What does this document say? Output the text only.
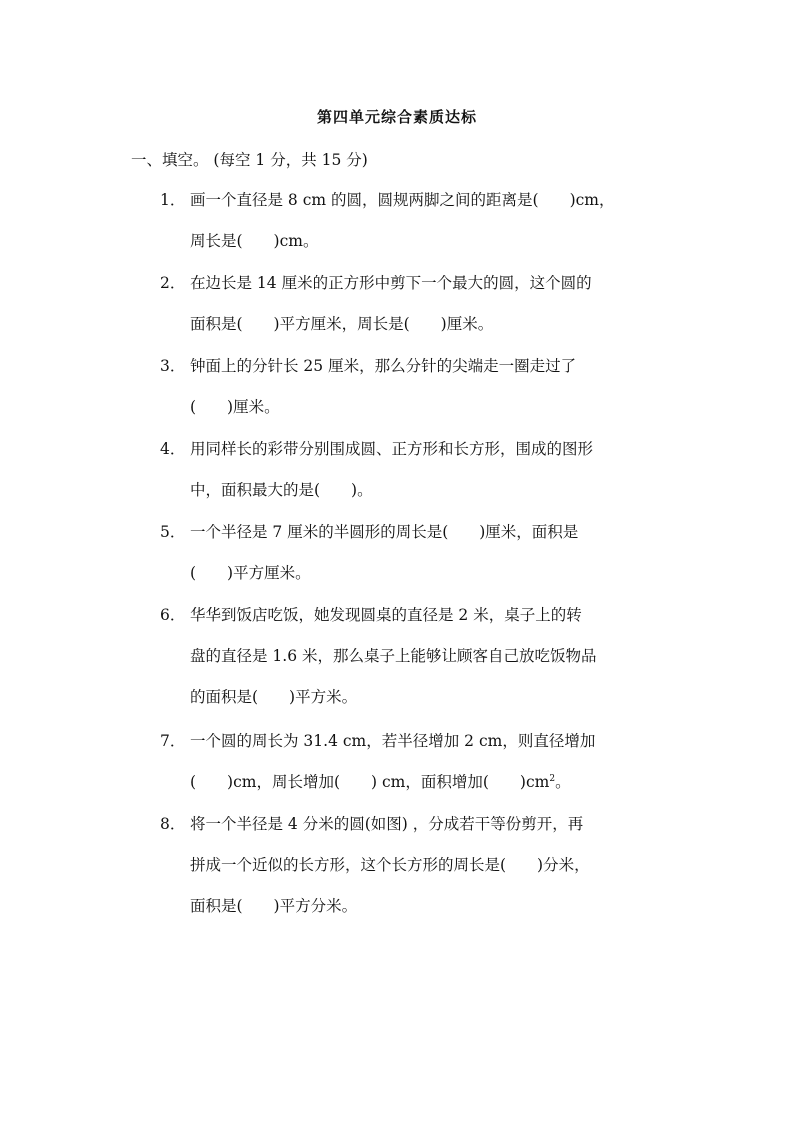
第四单元综合素质达标
一、填空。 (每空 1 分，共 15 分)
1． 画一个直径是 8 cm 的圆，圆规两脚之间的距离是(　　)cm，
周长是(　　)cm。
2． 在边长是 14 厘米的正方形中剪下一个最大的圆，这个圆的
面积是(　　)平方厘米，周长是(　　)厘米。
3． 钟面上的分针长 25 厘米，那么分针的尖端走一圈走过了
(　　)厘米。
4． 用同样长的彩带分别围成圆、正方形和长方形，围成的图形
中，面积最大的是(　　)。
5． 一个半径是 7 厘米的半圆形的周长是(　　)厘米，面积是
(　　)平方厘米。
6． 华华到饭店吃饭，她发现圆桌的直径是 2 米，桌子上的转
盘的直径是 1.6 米，那么桌子上能够让顾客自己放吃饭物品
的面积是(　　)平方米。
7． 一个圆的周长为 31.4 cm，若半径增加 2 cm，则直径增加
(　　)cm，周长增加(　　) cm，面积增加(　　)$cm^2$。
8． 将一个半径是 4 分米的圆(如图) ，分成若干等份剪开，再
拼成一个近似的长方形，这个长方形的周长是(　　)分米，
面积是(　　)平方分米。
